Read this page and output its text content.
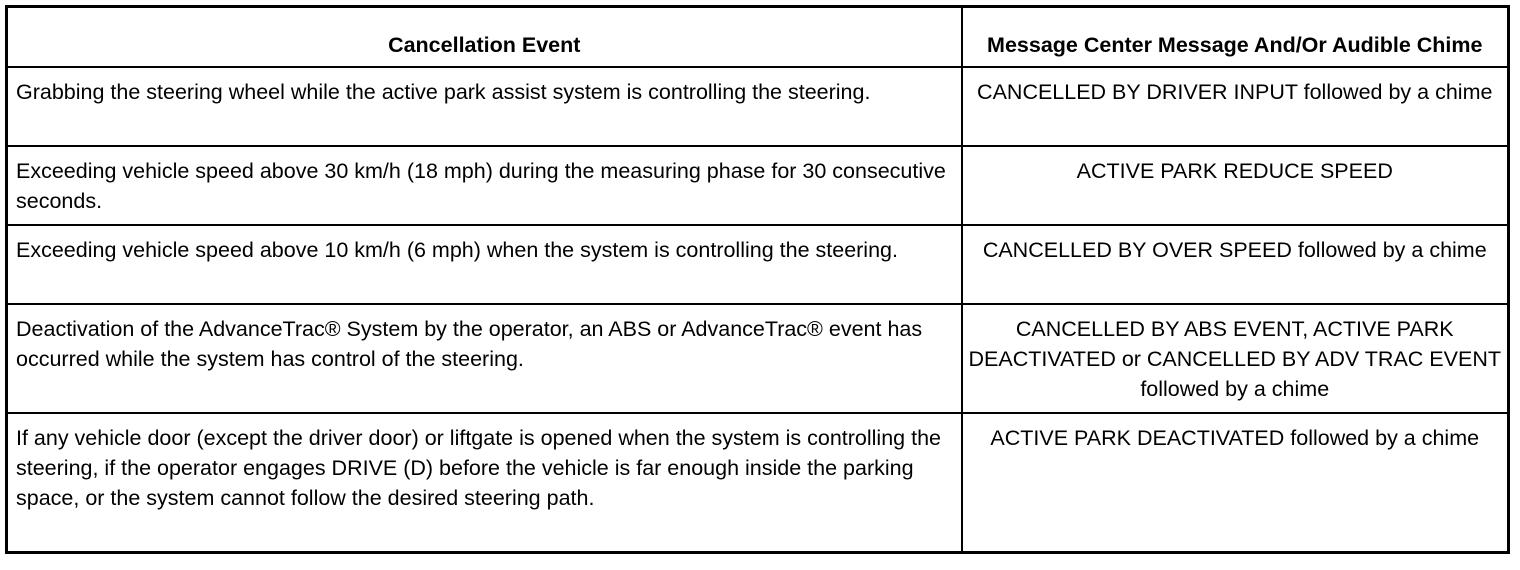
Cancellation Event	Message Center Message And/Or Audible Chime
Grabbing the steering wheel while the active park assist system is controlling the steering.	CANCELLED BY DRIVER INPUT followed by a chime
Exceeding vehicle speed above 30 km/h (18 mph) during the measuring phase for 30 consecutive seconds.	ACTIVE PARK REDUCE SPEED
Exceeding vehicle speed above 10 km/h (6 mph) when the system is controlling the steering.	CANCELLED BY OVER SPEED followed by a chime
Deactivation of the AdvanceTrac® System by the operator, an ABS or AdvanceTrac® event has occurred while the system has control of the steering.	CANCELLED BY ABS EVENT, ACTIVE PARK DEACTIVATED or CANCELLED BY ADV TRAC EVENT followed by a chime
If any vehicle door (except the driver door) or liftgate is opened when the system is controlling the steering, if the operator engages DRIVE (D) before the vehicle is far enough inside the parking space, or the system cannot follow the desired steering path.	ACTIVE PARK DEACTIVATED followed by a chime
